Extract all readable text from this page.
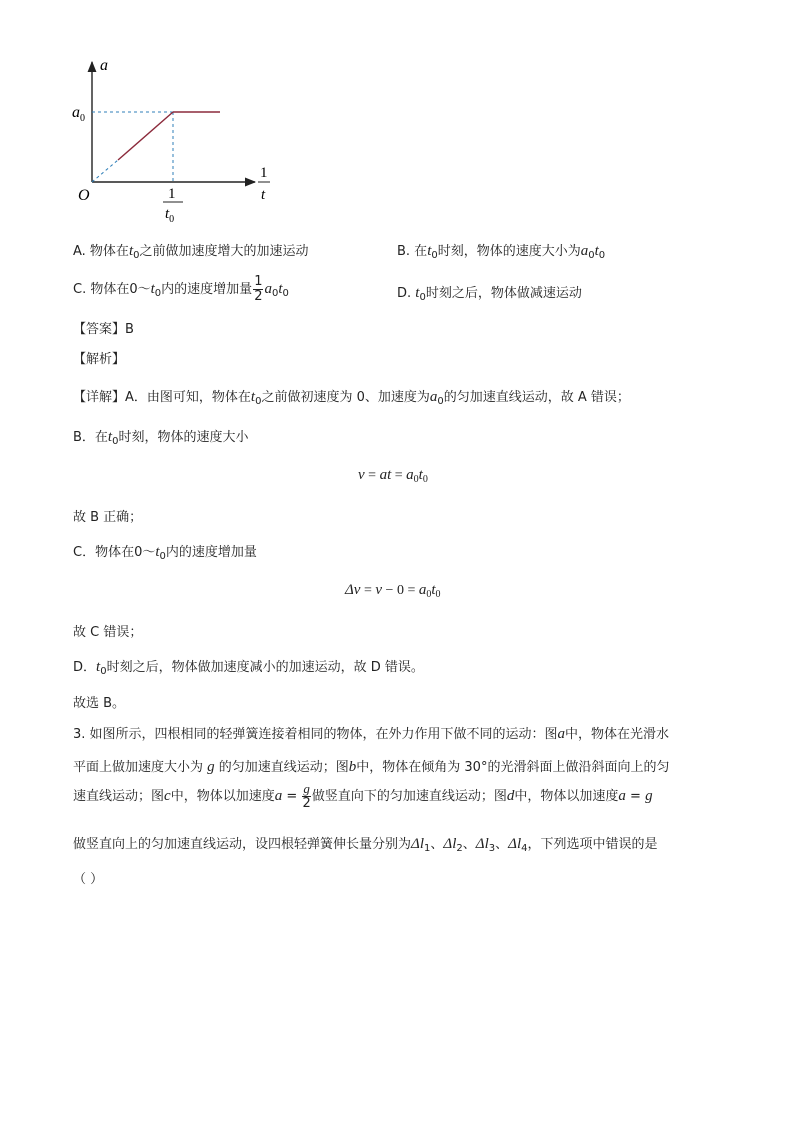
a
$a_0$
O	1
$t_0$
1
t
A. 物体在$t_0$之前做加速度增大的加速运动	B. 在$t_0$时刻，物体的速度大小为$a_0t_0$
C. 物体在$0\sim t_0$内的速度增加量 $\frac{1}{2} a_0t_0$	D. $t_0$时刻之后，物体做减速运动
【答案】B
【解析】
【详解】A．由图可知，物体在$t_0$之前做初速度为 0、加速度为$a_0$的匀加速直线运动，故 A 错误；
B．在$t_0$时刻，物体的速度大小
v = at = $a_0t_0$
故 B 正确；
C．物体在$0\sim t_0$内的速度增加量
$\Delta v = v - 0 = a_0t_0$
故 C 错误；
D．$t_0$时刻之后，物体做加速度减小的加速运动，故 D 错误。
故选 B。
3. 如图所示，四根相同的轻弹簧连接着相同的物体，在外力作用下做不同的运动：图a中，物体在光滑水
平面上做加速度大小为 g 的匀加速直线运动；图b中，物体在倾角为 30°的光滑斜面上做沿斜面向上的匀
速直线运动；图c中，物体以加速度$a = \frac{g}{2}$ 做竖直向下的匀加速直线运动；图d中，物体以加速度a = g
做竖直向上的匀加速直线运动，设四根轻弹簧伸长量分别为$\Delta l_1$、$\Delta l_2$、$\Delta l_3$、$\Delta l_4$，下列选项中错误的是
（ ）
